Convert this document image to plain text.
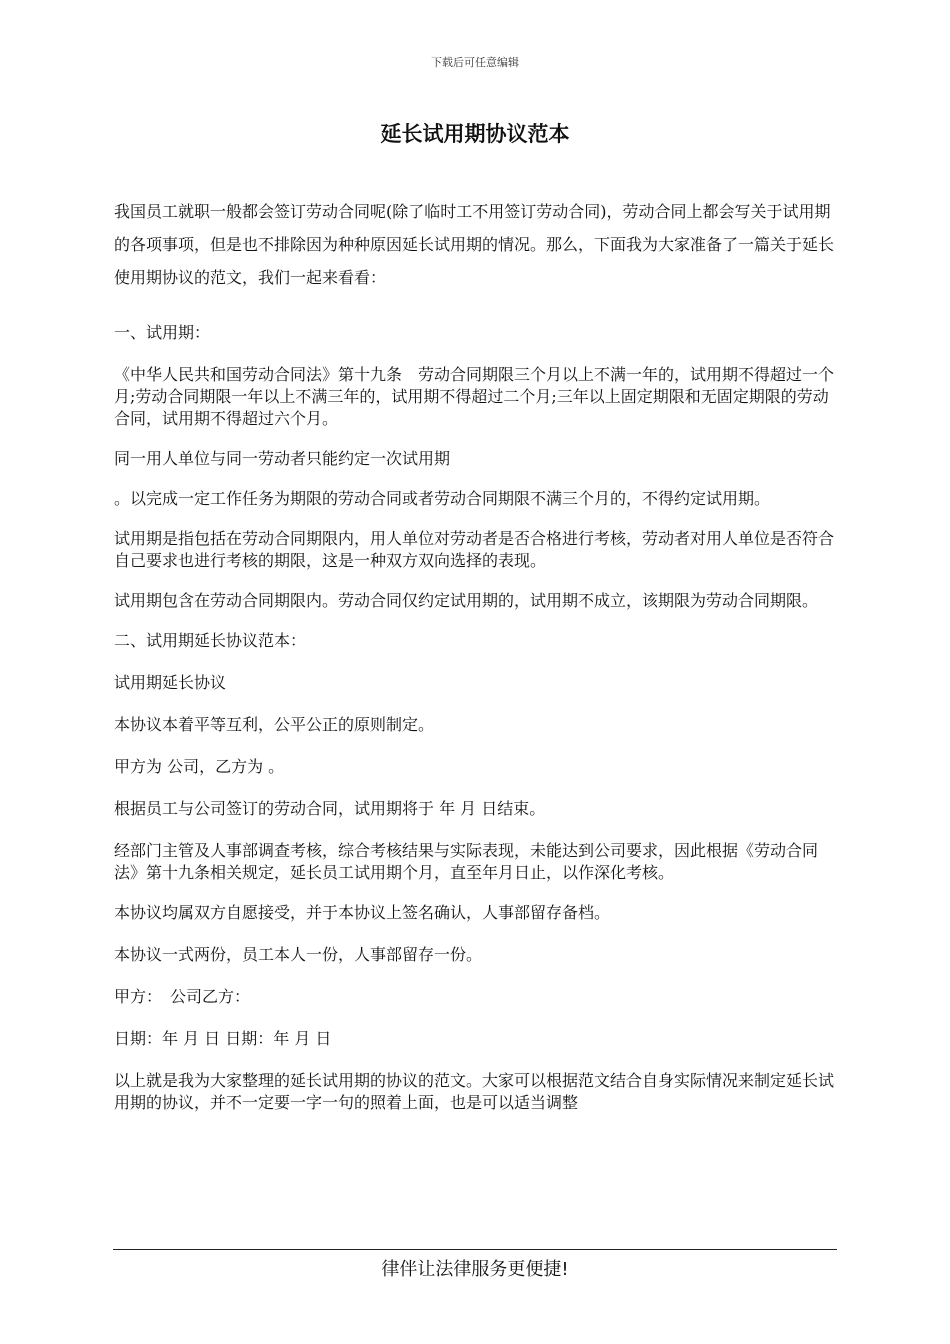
下载后可任意编辑
延长试用期协议范本

我国员工就职一般都会签订劳动合同呢(除了临时工不用签订劳动合同)，劳动合同上都会写关于试用期的各项事项，但是也不排除因为种种原因延长试用期的情况。那么，下面我为大家准备了一篇关于延长使用期协议的范文，我们一起来看看：

一、试用期：

《中华人民共和国劳动合同法》第十九条　劳动合同期限三个月以上不满一年的，试用期不得超过一个月;劳动合同期限一年以上不满三年的，试用期不得超过二个月;三年以上固定期限和无固定期限的劳动合同，试用期不得超过六个月。

同一用人单位与同一劳动者只能约定一次试用期

。以完成一定工作任务为期限的劳动合同或者劳动合同期限不满三个月的，不得约定试用期。

试用期是指包括在劳动合同期限内，用人单位对劳动者是否合格进行考核，劳动者对用人单位是否符合自己要求也进行考核的期限，这是一种双方双向选择的表现。

试用期包含在劳动合同期限内。劳动合同仅约定试用期的，试用期不成立，该期限为劳动合同期限。

二、试用期延长协议范本：

试用期延长协议

本协议本着平等互利，公平公正的原则制定。

甲方为 公司，乙方为 。

根据员工与公司签订的劳动合同，试用期将于 年 月 日结束。

经部门主管及人事部调查考核，综合考核结果与实际表现，未能达到公司要求，因此根据《劳动合同法》第十九条相关规定，延长员工试用期个月，直至年月日止，以作深化考核。

本协议均属双方自愿接受，并于本协议上签名确认，人事部留存备档。

本协议一式两份，员工本人一份，人事部留存一份。

甲方：　公司乙方：

日期：年 月 日 日期：年 月 日

以上就是我为大家整理的延长试用期的协议的范文。大家可以根据范文结合自身实际情况来制定延长试用期的协议，并不一定要一字一句的照着上面，也是可以适当调整

律伴让法律服务更便捷!
